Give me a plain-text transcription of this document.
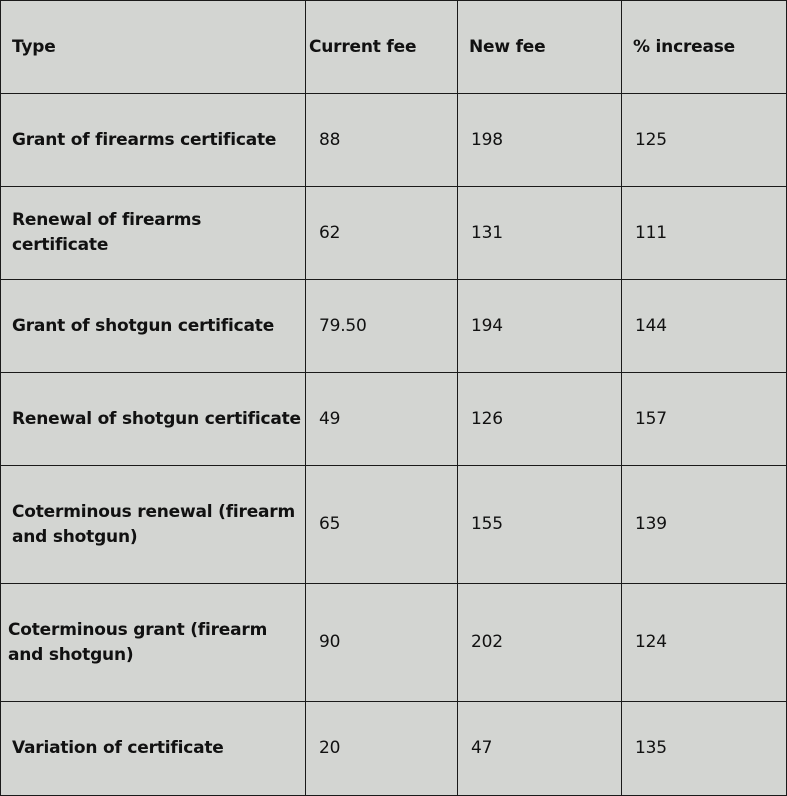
Type	Current fee	New fee	% increase
Grant of firearms certificate	88	198	125
Renewal of firearms certificate	62	131	111
Grant of shotgun certificate	79.50	194	144
Renewal of shotgun certificate	49	126	157
Coterminous renewal (firearm and shotgun)	65	155	139
Coterminous grant (firearm and shotgun)	90	202	124
Variation of certificate	20	47	135
